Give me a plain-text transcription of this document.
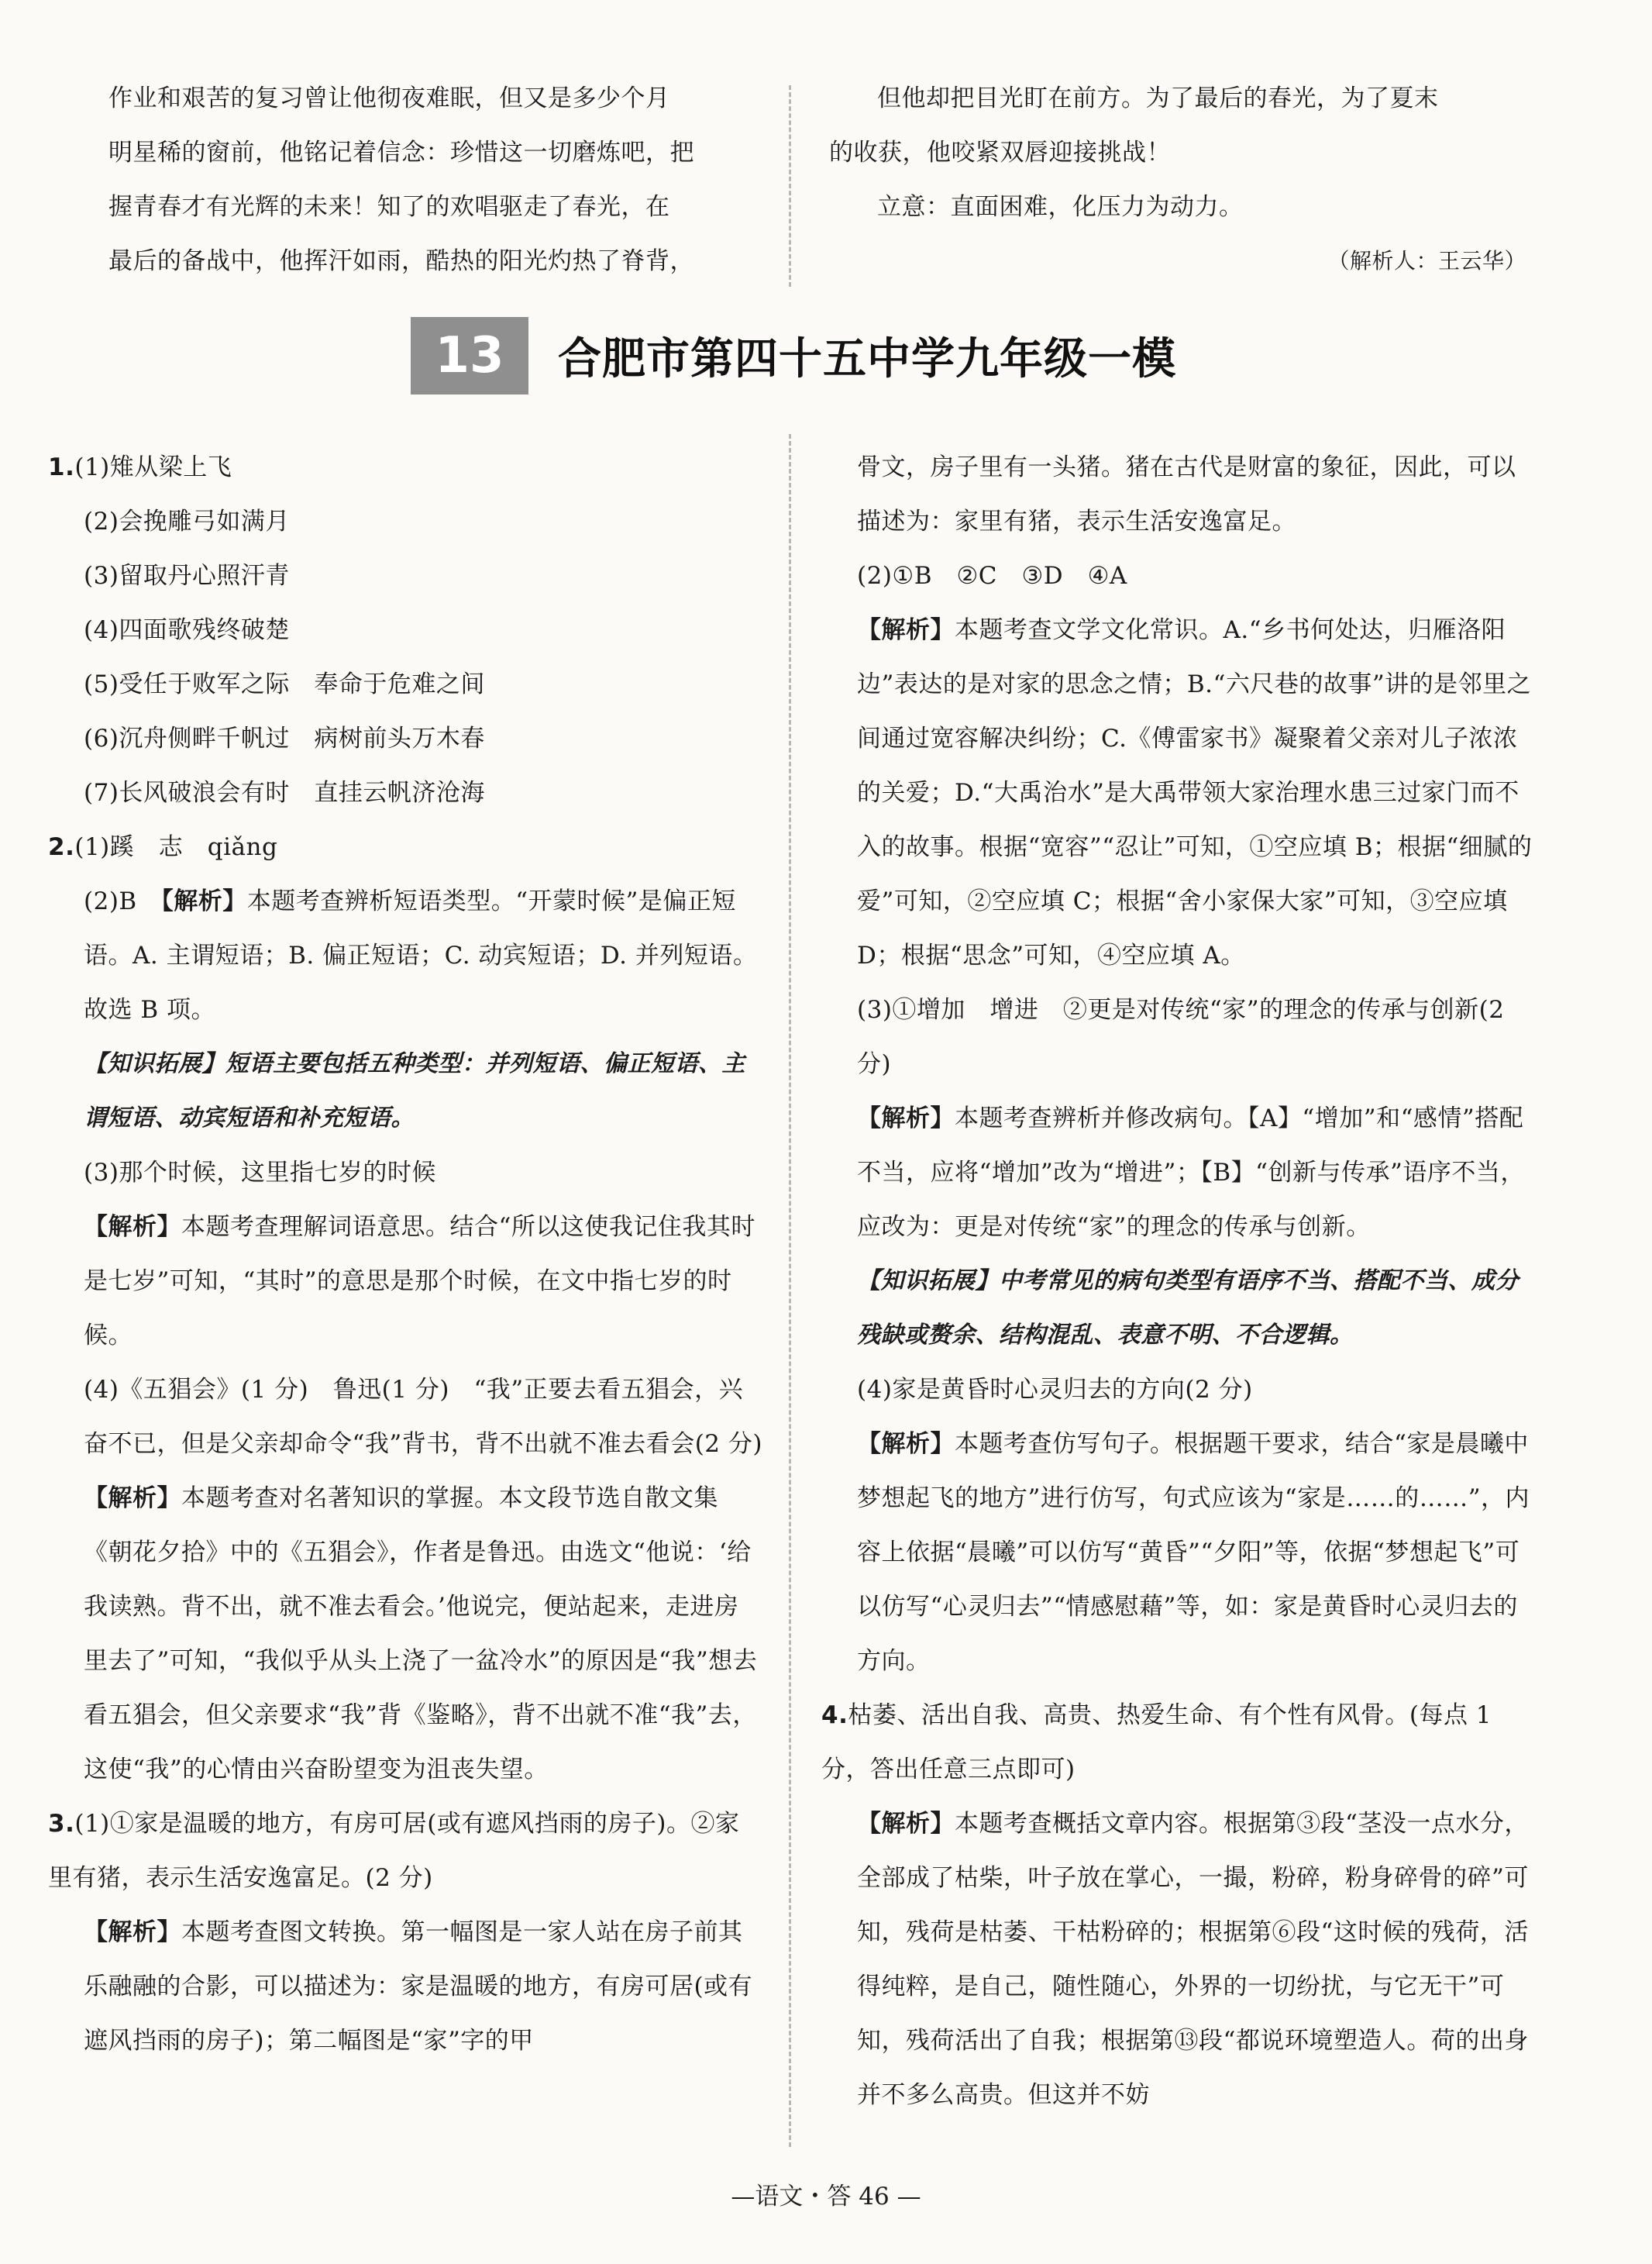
作业和艰苦的复习曾让他彻夜难眠，但又是多少个月

明星稀的窗前，他铭记着信念：珍惜这一切磨炼吧，把

握青春才有光辉的未来！知了的欢唱驱走了春光，在

最后的备战中，他挥汗如雨，酷热的阳光灼热了脊背，

但他却把目光盯在前方。为了最后的春光，为了夏末

的收获，他咬紧双唇迎接挑战！

立意：直面困难，化压力为动力。

（解析人：王云华）

13	合肥市第四十五中学九年级一模

1.(1)雉从梁上飞

(2)会挽雕弓如满月

(3)留取丹心照汗青

(4)四面歌残终破楚

(5)受任于败军之际　奉命于危难之间

(6)沉舟侧畔千帆过　病树前头万木春

(7)长风破浪会有时　直挂云帆济沧海

2.(1)蹊　志　qiǎng

(2)B　【解析】本题考查辨析短语类型。“开蒙时候”是偏正短语。A. 主谓短语；B. 偏正短语；C. 动宾短语；D. 并列短语。故选 B 项。

【知识拓展】短语主要包括五种类型：并列短语、偏正短语、主谓短语、动宾短语和补充短语。

(3)那个时候，这里指七岁的时候

【解析】本题考查理解词语意思。结合“所以这使我记住我其时是七岁”可知，“其时”的意思是那个时候，在文中指七岁的时候。

(4)《五猖会》(1 分)　鲁迅(1 分)　“我”正要去看五猖会，兴奋不已，但是父亲却命令“我”背书，背不出就不准去看会(2 分)

【解析】本题考查对名著知识的掌握。本文段节选自散文集《朝花夕拾》中的《五猖会》，作者是鲁迅。由选文“他说：‘给我读熟。背不出，就不准去看会。’他说完，便站起来，走进房里去了”可知，“我似乎从头上浇了一盆冷水”的原因是“我”想去看五猖会，但父亲要求“我”背《鉴略》，背不出就不准“我”去，这使“我”的心情由兴奋盼望变为沮丧失望。

3.(1)①家是温暖的地方，有房可居(或有遮风挡雨的房子)。②家里有猪，表示生活安逸富足。(2 分)

【解析】本题考查图文转换。第一幅图是一家人站在房子前其乐融融的合影，可以描述为：家是温暖的地方，有房可居(或有遮风挡雨的房子)；第二幅图是“家”字的甲

骨文，房子里有一头猪。猪在古代是财富的象征，因此，可以描述为：家里有猪，表示生活安逸富足。

(2)①B　②C　③D　④A

【解析】本题考查文学文化常识。A.“乡书何处达，归雁洛阳边”表达的是对家的思念之情；B.“六尺巷的故事”讲的是邻里之间通过宽容解决纠纷；C.《傅雷家书》凝聚着父亲对儿子浓浓的关爱；D.“大禹治水”是大禹带领大家治理水患三过家门而不入的故事。根据“宽容”“忍让”可知，①空应填 B；根据“细腻的爱”可知，②空应填 C；根据“舍小家保大家”可知，③空应填 D；根据“思念”可知，④空应填 A。

(3)①增加　增进　②更是对传统“家”的理念的传承与创新(2 分)

【解析】本题考查辨析并修改病句。【A】“增加”和“感情”搭配不当，应将“增加”改为“增进”；【B】“创新与传承”语序不当，应改为：更是对传统“家”的理念的传承与创新。

【知识拓展】中考常见的病句类型有语序不当、搭配不当、成分残缺或赘余、结构混乱、表意不明、不合逻辑。

(4)家是黄昏时心灵归去的方向(2 分)

【解析】本题考查仿写句子。根据题干要求，结合“家是晨曦中梦想起飞的地方”进行仿写，句式应该为“家是……的……”，内容上依据“晨曦”可以仿写“黄昏”“夕阳”等，依据“梦想起飞”可以仿写“心灵归去”“情感慰藉”等，如：家是黄昏时心灵归去的方向。

4.枯萎、活出自我、高贵、热爱生命、有个性有风骨。(每点 1 分，答出任意三点即可)

【解析】本题考查概括文章内容。根据第③段“茎没一点水分，全部成了枯柴，叶子放在掌心，一撮，粉碎，粉身碎骨的碎”可知，残荷是枯萎、干枯粉碎的；根据第⑥段“这时候的残荷，活得纯粹，是自己，随性随心，外界的一切纷扰，与它无干”可知，残荷活出了自我；根据第⑬段“都说环境塑造人。荷的出身并不多么高贵。但这并不妨

—语文・答 46 —
